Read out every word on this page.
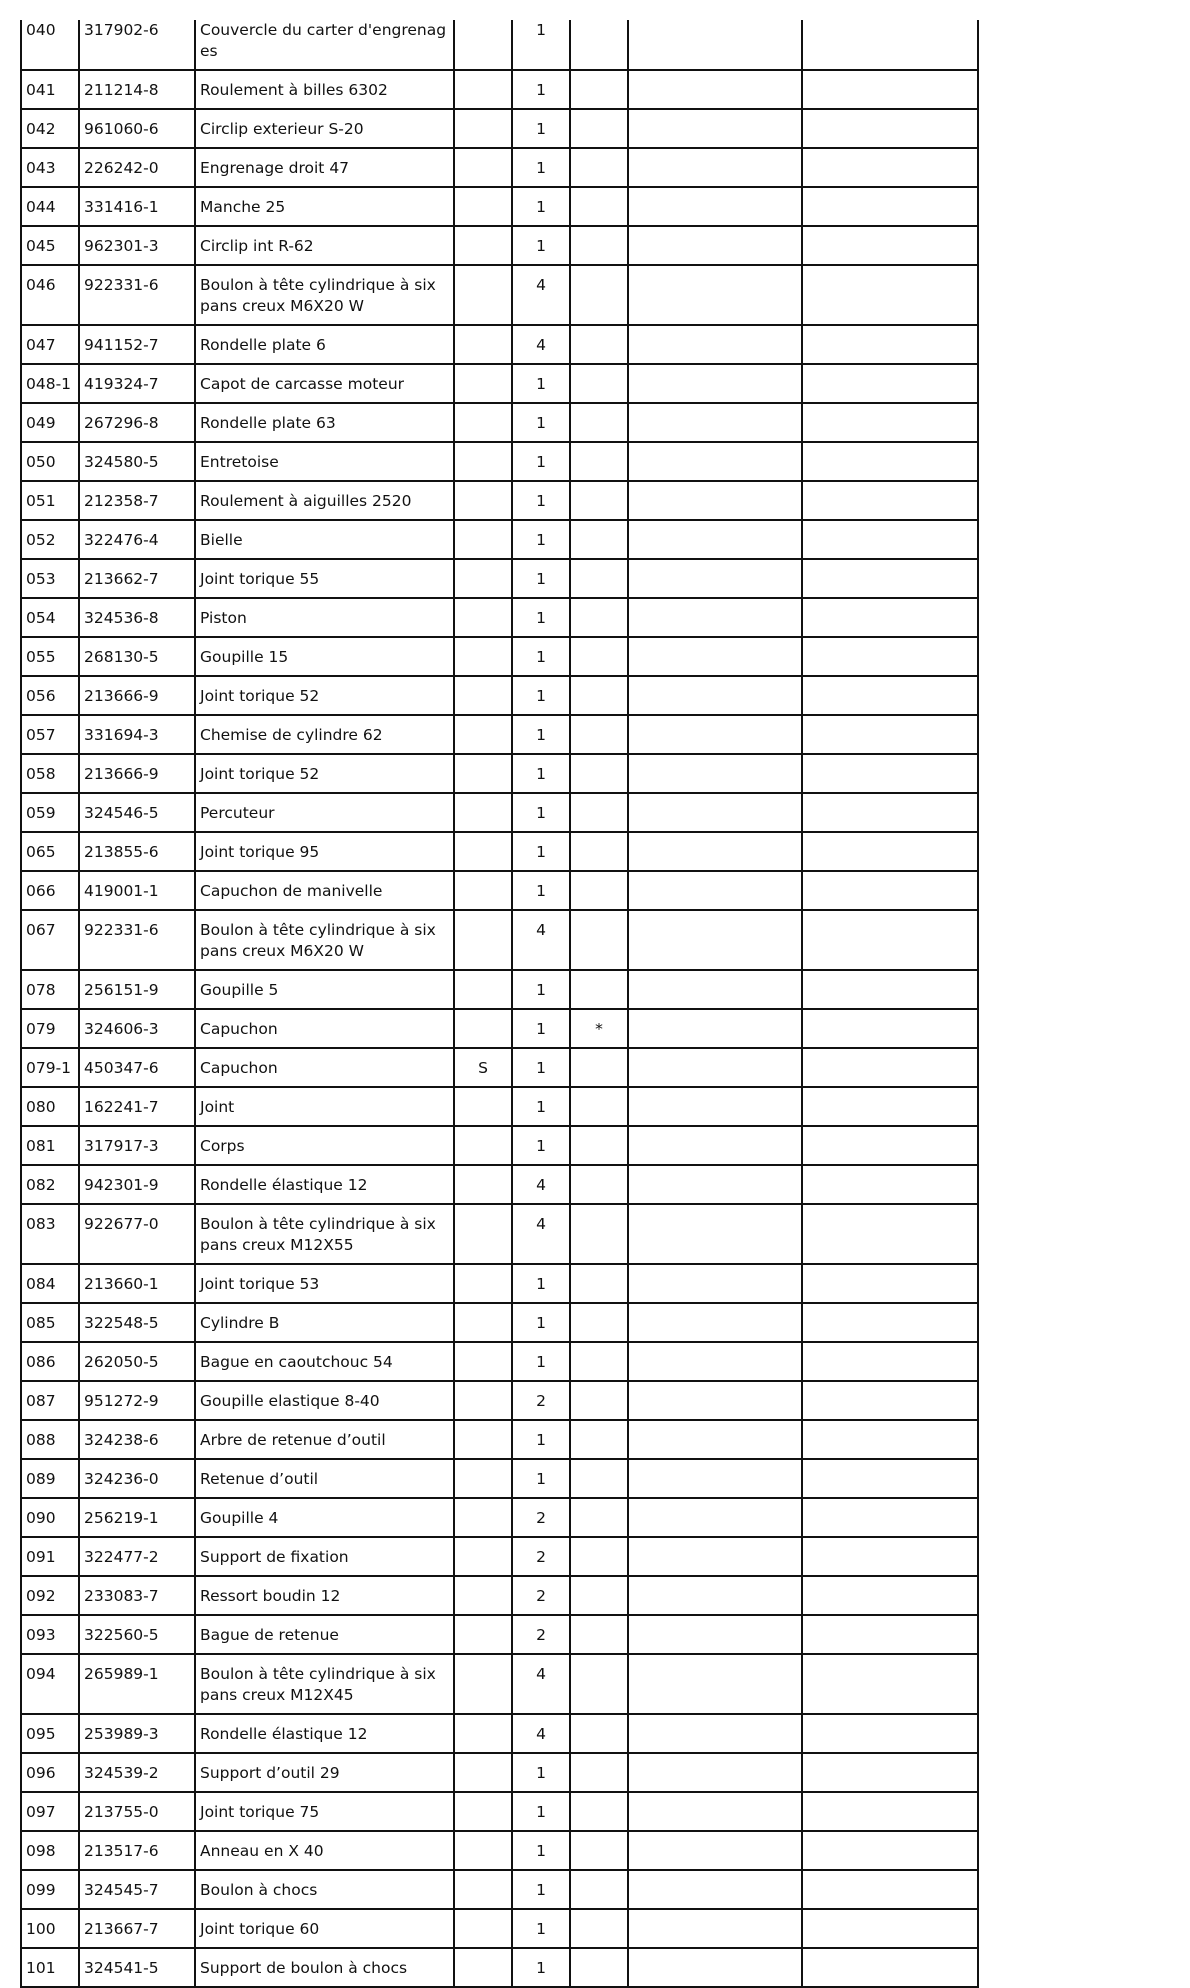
040	317902-6	Couvercle du carter d'engrenages		1			
041	211214-8	Roulement à billes 6302		1			
042	961060-6	Circlip exterieur S-20		1			
043	226242-0	Engrenage droit 47		1			
044	331416-1	Manche 25		1			
045	962301-3	Circlip int R-62		1			
046	922331-6	Boulon à tête cylindrique à six pans creux M6X20 W		4			
047	941152-7	Rondelle plate 6		4			
048-1	419324-7	Capot de carcasse moteur		1			
049	267296-8	Rondelle plate 63		1			
050	324580-5	Entretoise		1			
051	212358-7	Roulement à aiguilles 2520		1			
052	322476-4	Bielle		1			
053	213662-7	Joint torique 55		1			
054	324536-8	Piston		1			
055	268130-5	Goupille 15		1			
056	213666-9	Joint torique 52		1			
057	331694-3	Chemise de cylindre 62		1			
058	213666-9	Joint torique 52		1			
059	324546-5	Percuteur		1			
065	213855-6	Joint torique 95		1			
066	419001-1	Capuchon de manivelle		1			
067	922331-6	Boulon à tête cylindrique à six pans creux M6X20 W		4			
078	256151-9	Goupille 5		1			
079	324606-3	Capuchon		1	*		
079-1	450347-6	Capuchon	S	1			
080	162241-7	Joint		1			
081	317917-3	Corps		1			
082	942301-9	Rondelle élastique 12		4			
083	922677-0	Boulon à tête cylindrique à six pans creux M12X55		4			
084	213660-1	Joint torique 53		1			
085	322548-5	Cylindre B		1			
086	262050-5	Bague en caoutchouc 54		1			
087	951272-9	Goupille elastique 8-40		2			
088	324238-6	Arbre de retenue d’outil		1			
089	324236-0	Retenue d’outil		1			
090	256219-1	Goupille 4		2			
091	322477-2	Support de fixation		2			
092	233083-7	Ressort boudin 12		2			
093	322560-5	Bague de retenue		2			
094	265989-1	Boulon à tête cylindrique à six pans creux M12X45		4			
095	253989-3	Rondelle élastique 12		4			
096	324539-2	Support d’outil 29		1			
097	213755-0	Joint torique 75		1			
098	213517-6	Anneau en X 40		1			
099	324545-7	Boulon à chocs		1			
100	213667-7	Joint torique 60		1			
101	324541-5	Support de boulon à chocs		1			
